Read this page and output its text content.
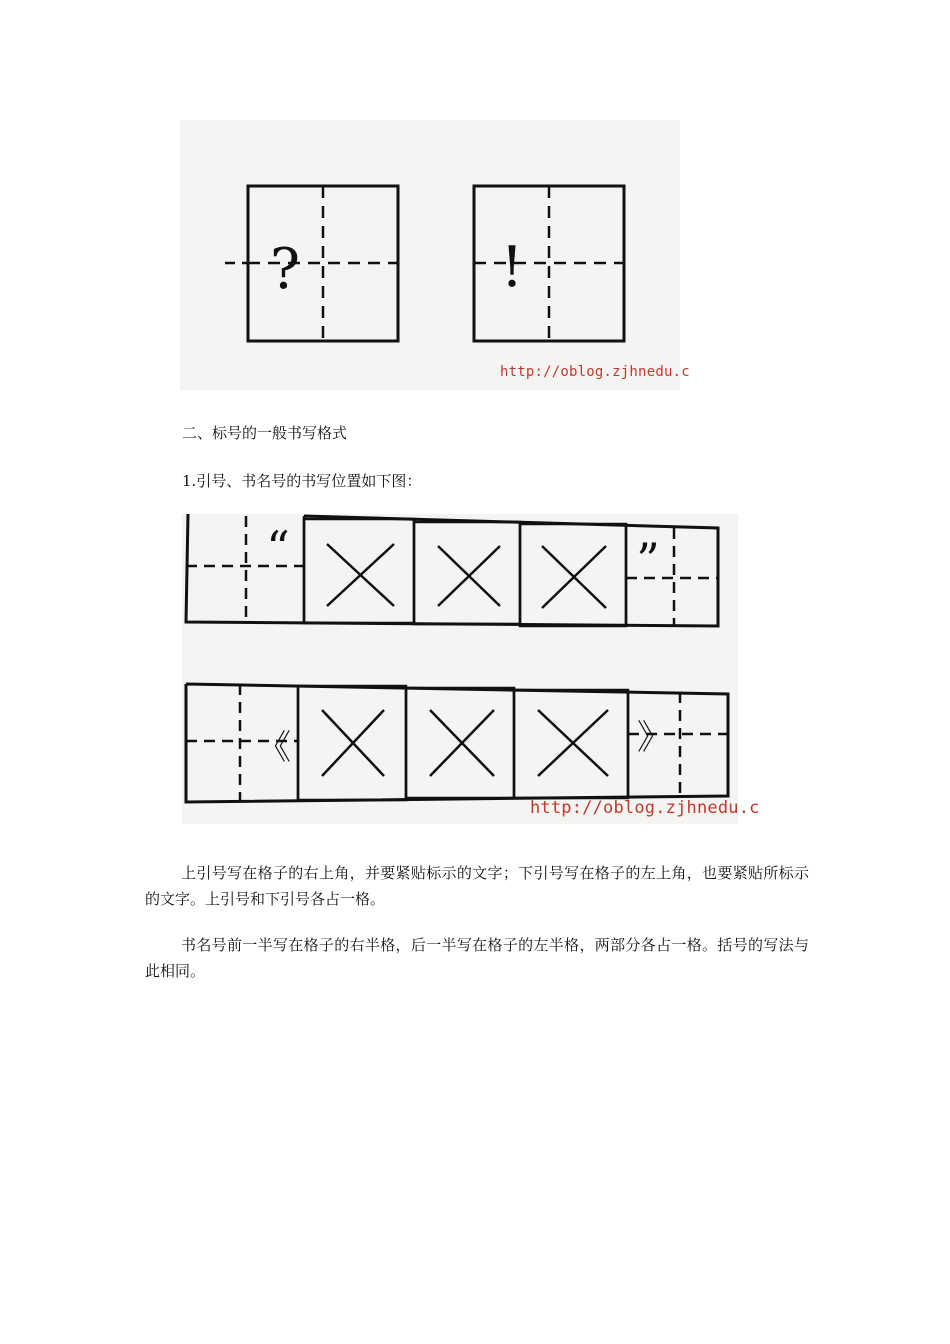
?	!
http://oblog.zjhnedu.c
二、标号的一般书写格式
1.引号、书名号的书写位置如下图：
“	”
《	》
http://oblog.zjhnedu.c
上引号写在格子的右上角，并要紧贴标示的文字；下引号写在格子的左上角，也要紧贴所标示的文字。上引号和下引号各占一格。
书名号前一半写在格子的右半格，后一半写在格子的左半格，两部分各占一格。括号的写法与此相同。
